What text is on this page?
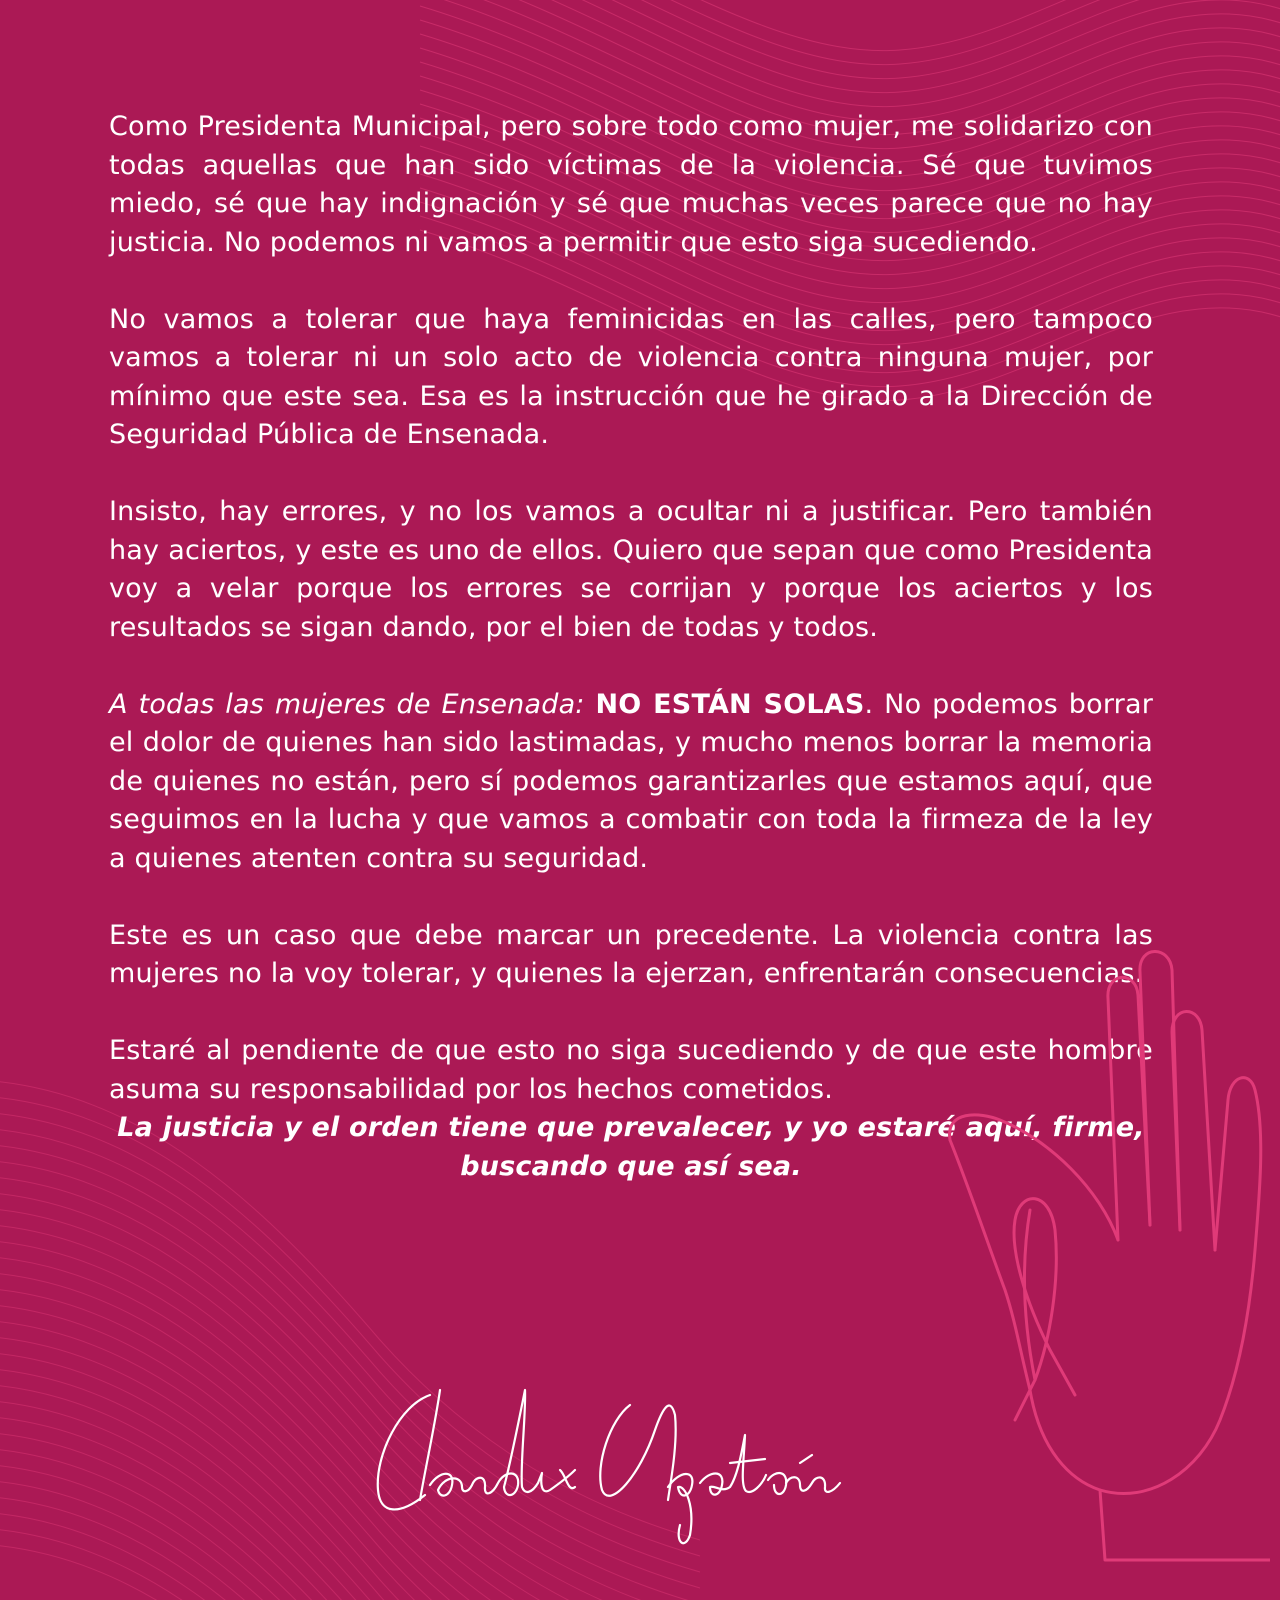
Como Presidenta Municipal, pero sobre todo como mujer, me solidarizo con todas aquellas que han sido víctimas de la violencia. Sé que tuvimos miedo, sé que hay indignación y sé que muchas veces parece que no hay justicia. No podemos ni vamos a permitir que esto siga sucediendo.

No vamos a tolerar que haya feminicidas en las calles, pero tampoco vamos a tolerar ni un solo acto de violencia contra ninguna mujer, por mínimo que este sea. Esa es la instrucción que he girado a la Dirección de Seguridad Pública de Ensenada.

Insisto, hay errores, y no los vamos a ocultar ni a justificar. Pero también hay aciertos, y este es uno de ellos. Quiero que sepan que como Presidenta voy a velar porque los errores se corrijan y porque los aciertos y los resultados se sigan dando, por el bien de todas y todos.

A todas las mujeres de Ensenada: NO ESTÁN SOLAS. No podemos borrar el dolor de quienes han sido lastimadas, y mucho menos borrar la memoria de quienes no están, pero sí podemos garantizarles que estamos aquí, que seguimos en la lucha y que vamos a combatir con toda la firmeza de la ley a quienes atenten contra su seguridad.

Este es un caso que debe marcar un precedente. La violencia contra las mujeres no la voy tolerar, y quienes la ejerzan, enfrentarán consecuencias.

Estaré al pendiente de que esto no siga sucediendo y de que este hombre asuma su responsabilidad por los hechos cometidos.

La justicia y el orden tiene que prevalecer, y yo estaré aquí, firme, buscando que así sea.
